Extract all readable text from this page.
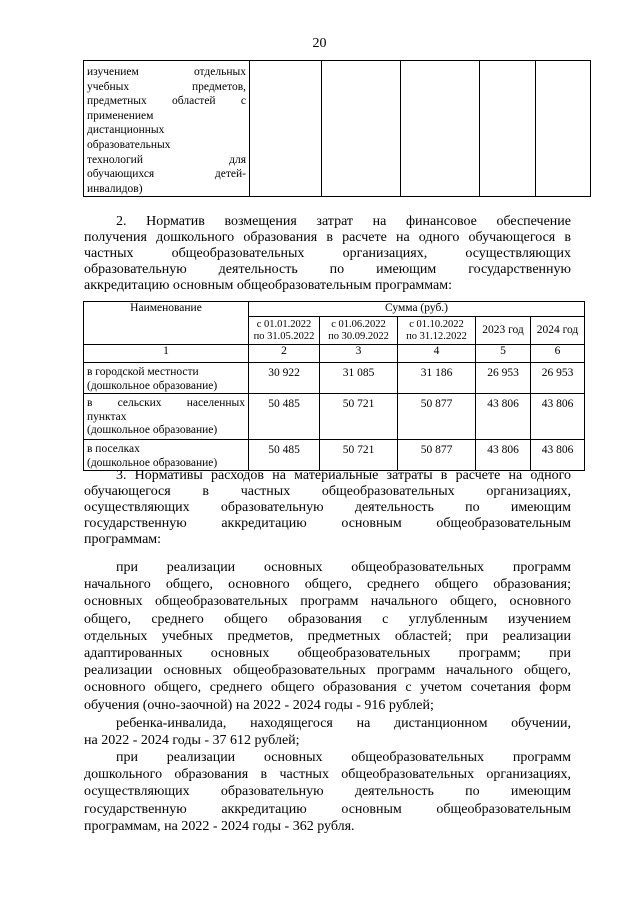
20
изучением отдельных
учебных предметов,
предметных областей с
применением
дистанционных
образовательных
технологий для
обучающихся детей-
инвалидов)

2. Норматив возмещения затрат на финансовое обеспечение
получения дошкольного образования в расчете на одного обучающегося в
частных общеобразовательных организациях, осуществляющих
образовательную деятельность по имеющим государственную
аккредитацию основным общеобразовательным программам:
Наименование	Сумма (руб.)				
	с 01.01.2022
по 31.05.2022	с 01.06.2022
по 30.09.2022	с 01.10.2022
по 31.12.2022	2023 год	2024 год
1	2	3	4	5	6

в городской местности
(дошкольное образование)	30 922	31 085	31 186	26 953	26 953

в сельских населенных
пунктах
(дошкольное образование)	50 485	50 721	50 877	43 806	43 806

в поселках
(дошкольное образование)	50 485	50 721	50 877	43 806	43 806
3. Нормативы расходов на материальные затраты в расчете на одного
обучающегося в частных общеобразовательных организациях,
осуществляющих образовательную деятельность по имеющим
государственную аккредитацию основным общеобразовательным
программам:
при реализации основных общеобразовательных программ
начального общего, основного общего, среднего общего образования;
основных общеобразовательных программ начального общего, основного
общего, среднего общего образования с углубленным изучением
отдельных учебных предметов, предметных областей; при реализации
адаптированных основных общеобразовательных программ; при
реализации основных общеобразовательных программ начального общего,
основного общего, среднего общего образования с учетом сочетания форм
обучения (очно-заочной) на 2022 - 2024 годы - 916 рублей;
ребенка-инвалида, находящегося на дистанционном обучении,
на 2022 - 2024 годы - 37 612 рублей;
при реализации основных общеобразовательных программ
дошкольного образования в частных общеобразовательных организациях,
осуществляющих образовательную деятельность по имеющим
государственную аккредитацию основным общеобразовательным
программам, на 2022 - 2024 годы - 362 рубля.
